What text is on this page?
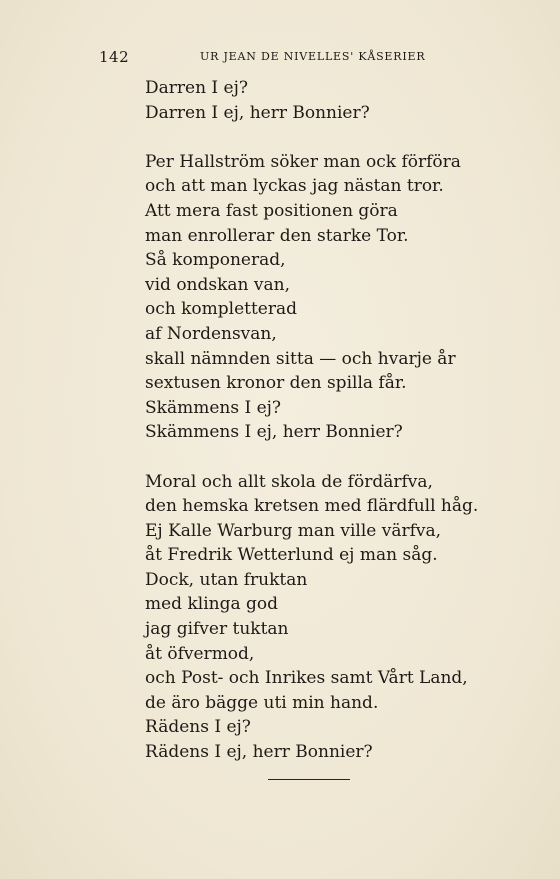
142	UR JEAN DE NIVELLES' KÅSERIER
Darren I ej?
Darren I ej, herr Bonnier?
Per Hallström söker man ock förföra
och att man lyckas jag nästan tror.
Att mera fast positionen göra
man enrollerar den starke Tor.
Så komponerad,
vid ondskan van,
och kompletterad
af Nordensvan,
skall nämnden sitta — och hvarje år
sextusen kronor den spilla får.
Skämmens I ej?
Skämmens I ej, herr Bonnier?
Moral och allt skola de fördärfva,
den hemska kretsen med flärdfull håg.
Ej Kalle Warburg man ville värfva,
åt Fredrik Wetterlund ej man såg.
Dock, utan fruktan
med klinga god
jag gifver tuktan
åt öfvermod,
och Post- och Inrikes samt Vårt Land,
de äro bägge uti min hand.
Rädens I ej?
Rädens I ej, herr Bonnier?
